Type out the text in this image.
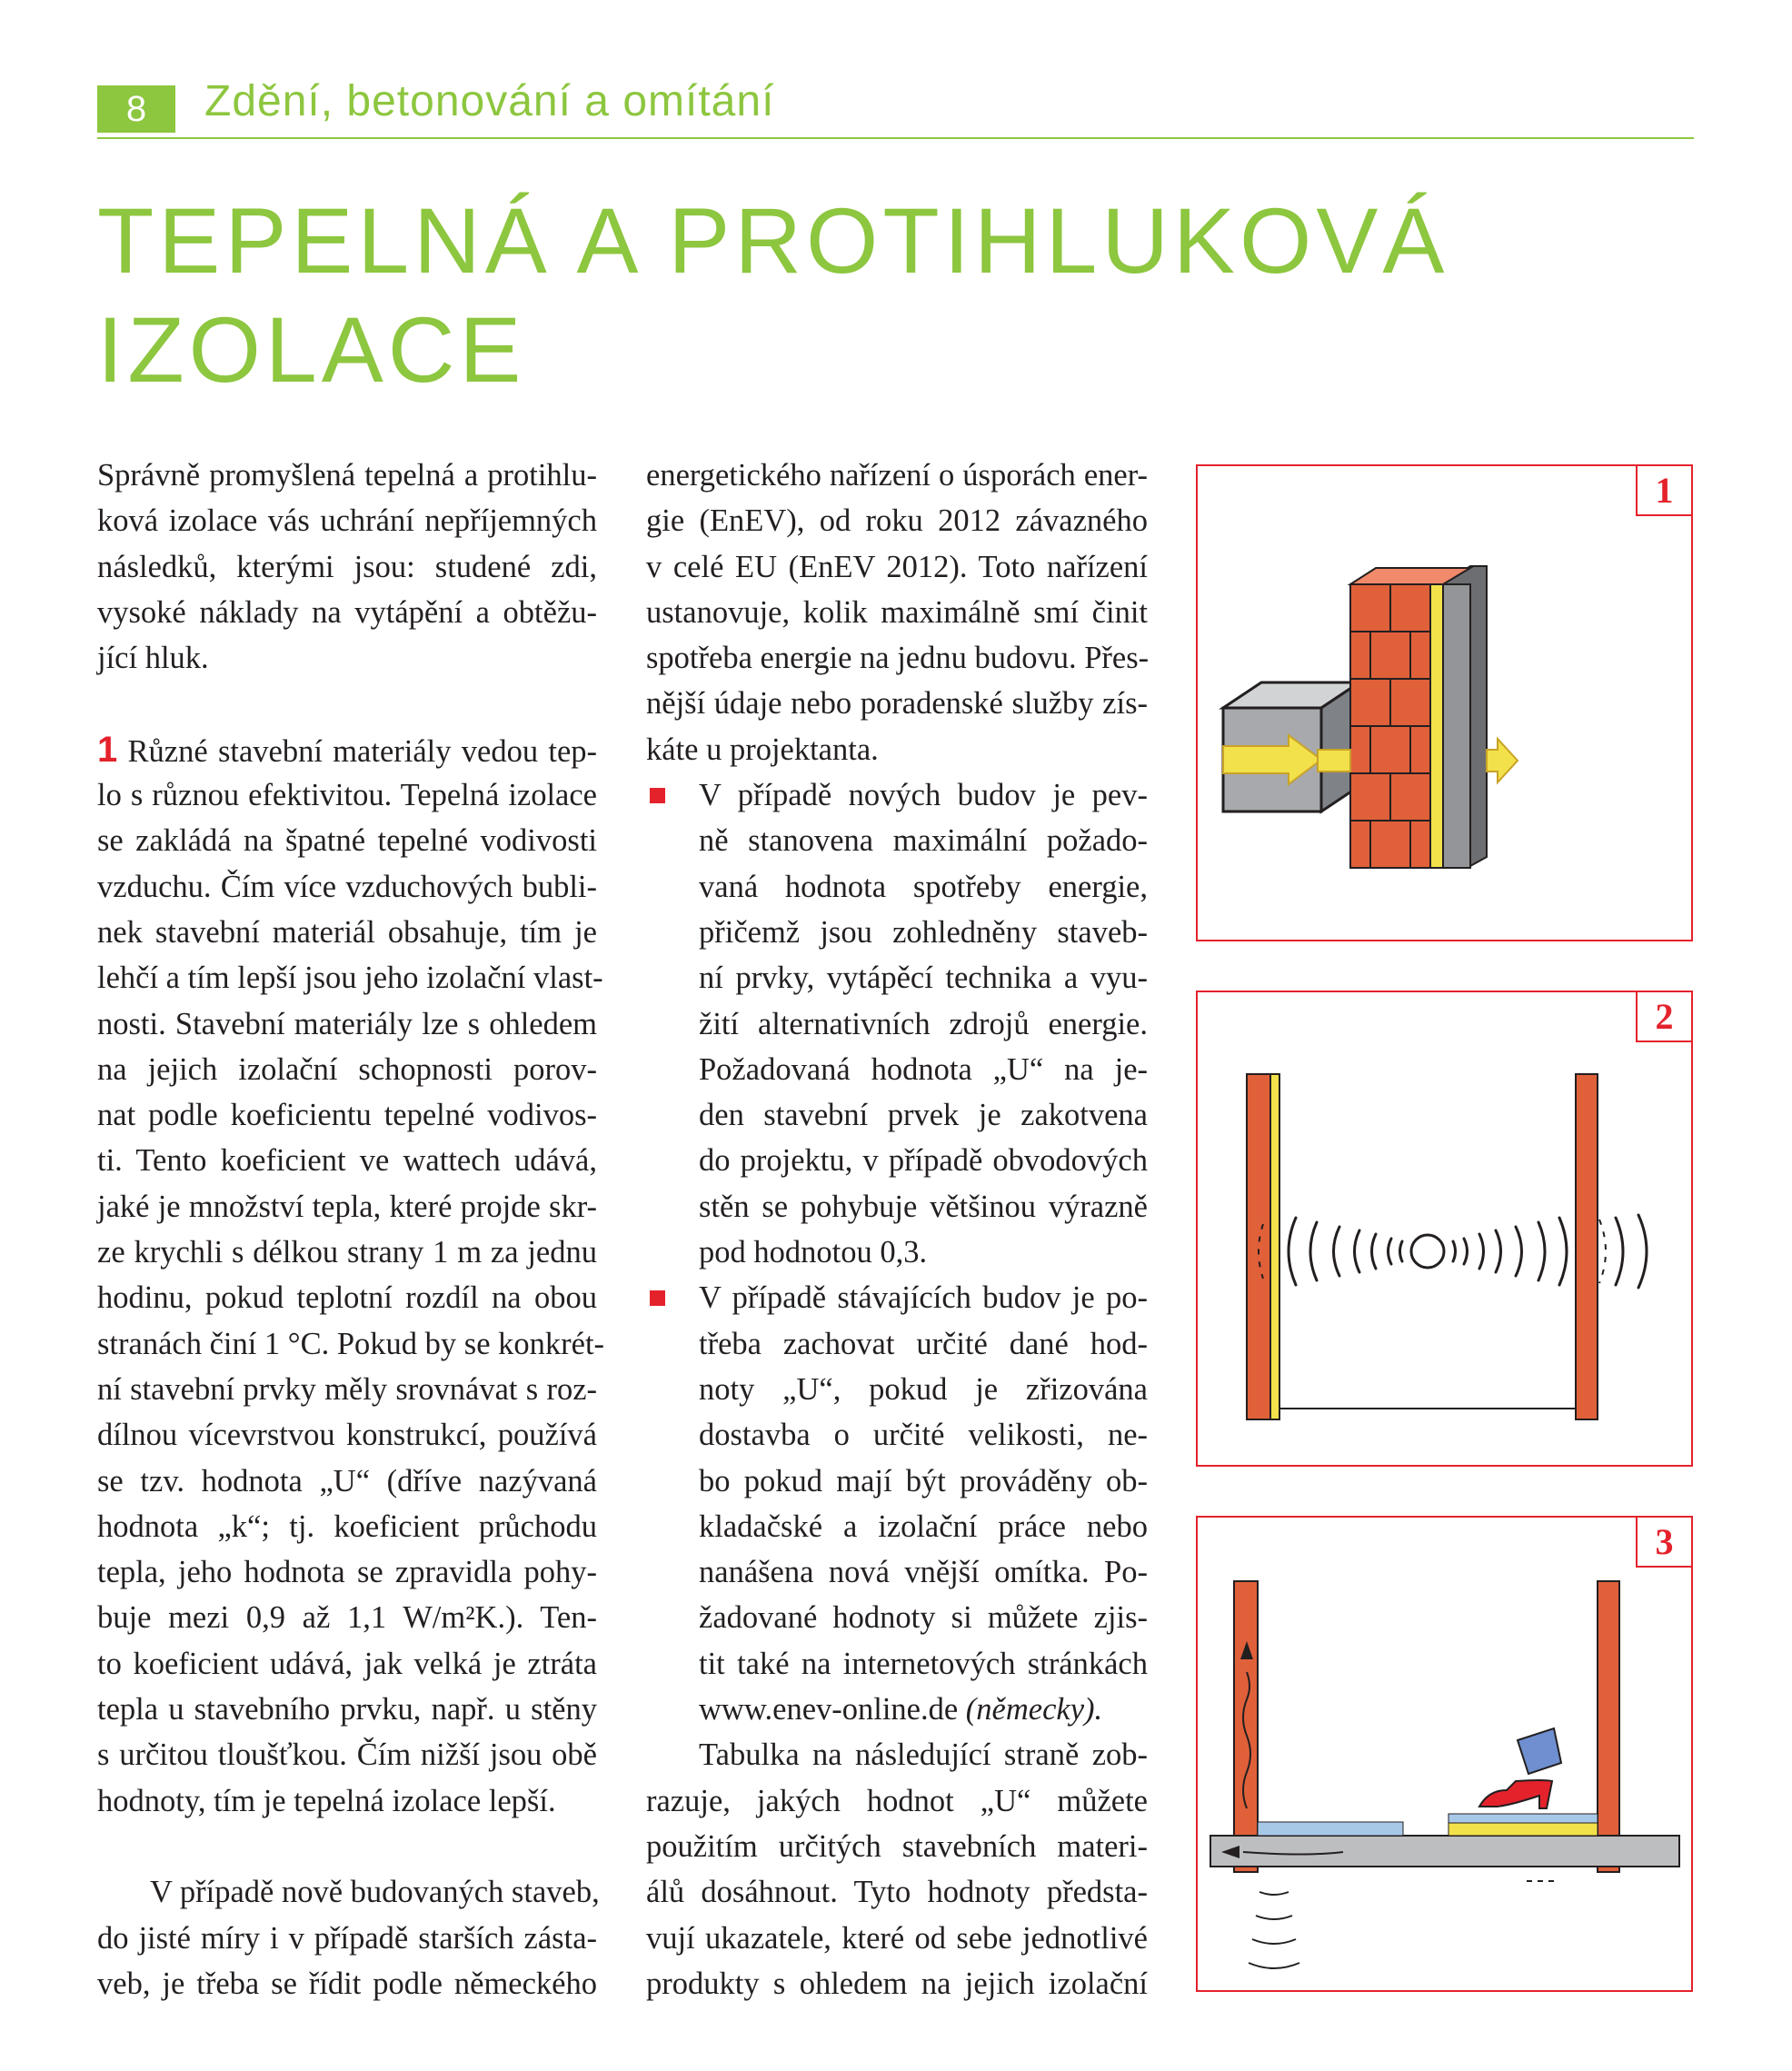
8	Zdění, betonování a omítání
TEPELNÁ A PROTIHLUKOVÁ
IZOLACE
Správně promyšlená tepelná a protihlu-
ková izolace vás uchrání nepříjemných
následků, kterými jsou: studené zdi,
vysoké náklady na vytápění a obtěžu-
jící hluk.
1 Různé stavební materiály vedou tep-
lo s různou efektivitou. Tepelná izolace
se zakládá na špatné tepelné vodivosti
vzduchu. Čím více vzduchových bubli-
nek stavební materiál obsahuje, tím je
lehčí a tím lepší jsou jeho izolační vlast-
nosti. Stavební materiály lze s ohledem
na jejich izolační schopnosti porov-
nat podle koeficientu tepelné vodivos-
ti. Tento koeficient ve wattech udává,
jaké je množství tepla, které projde skr-
ze krychli s délkou strany 1 m za jednu
hodinu, pokud teplotní rozdíl na obou
stranách činí 1 °C. Pokud by se konkrét-
ní stavební prvky měly srovnávat s roz-
dílnou vícevrstvou konstrukcí, používá
se tzv. hodnota „U“ (dříve nazývaná
hodnota „k“; tj. koeficient průchodu
tepla, jeho hodnota se zpravidla pohy-
buje mezi 0,9 až 1,1 W/m²K.). Ten-
to koeficient udává, jak velká je ztráta
tepla u stavebního prvku, např. u stěny
s určitou tloušťkou. Čím nižší jsou obě
hodnoty, tím je tepelná izolace lepší.
V případě nově budovaných staveb,
do jisté míry i v případě starších zásta-
veb, je třeba se řídit podle německého
energetického nařízení o úsporách ener-
gie (EnEV), od roku 2012 závazného
v celé EU (EnEV 2012). Toto nařízení
ustanovuje, kolik maximálně smí činit
spotřeba energie na jednu budovu. Přes-
nější údaje nebo poradenské služby zís-
káte u projektanta.
V případě nových budov je pev-
ně stanovena maximální požado-
vaná hodnota spotřeby energie,
přičemž jsou zohledněny staveb-
ní prvky, vytápěcí technika a vyu-
žití alternativních zdrojů energie.
Požadovaná hodnota „U“ na je-
den stavební prvek je zakotvena
do projektu, v případě obvodových
stěn se pohybuje většinou výrazně
pod hodnotou 0,3.
V případě stávajících budov je po-
třeba zachovat určité dané hod-
noty „U“, pokud je zřizována
dostavba o určité velikosti, ne-
bo pokud mají být prováděny ob-
kladačské a izolační práce nebo
nanášena nová vnější omítka. Po-
žadované hodnoty si můžete zjis-
tit také na internetových stránkách
www.enev-online.de (německy).
Tabulka na následující straně zob-
razuje, jakých hodnot „U“ můžete
použitím určitých stavebních materi-
álů dosáhnout. Tyto hodnoty předsta-
vují ukazatele, které od sebe jednotlivé
produkty s ohledem na jejich izolační
1
2
3
